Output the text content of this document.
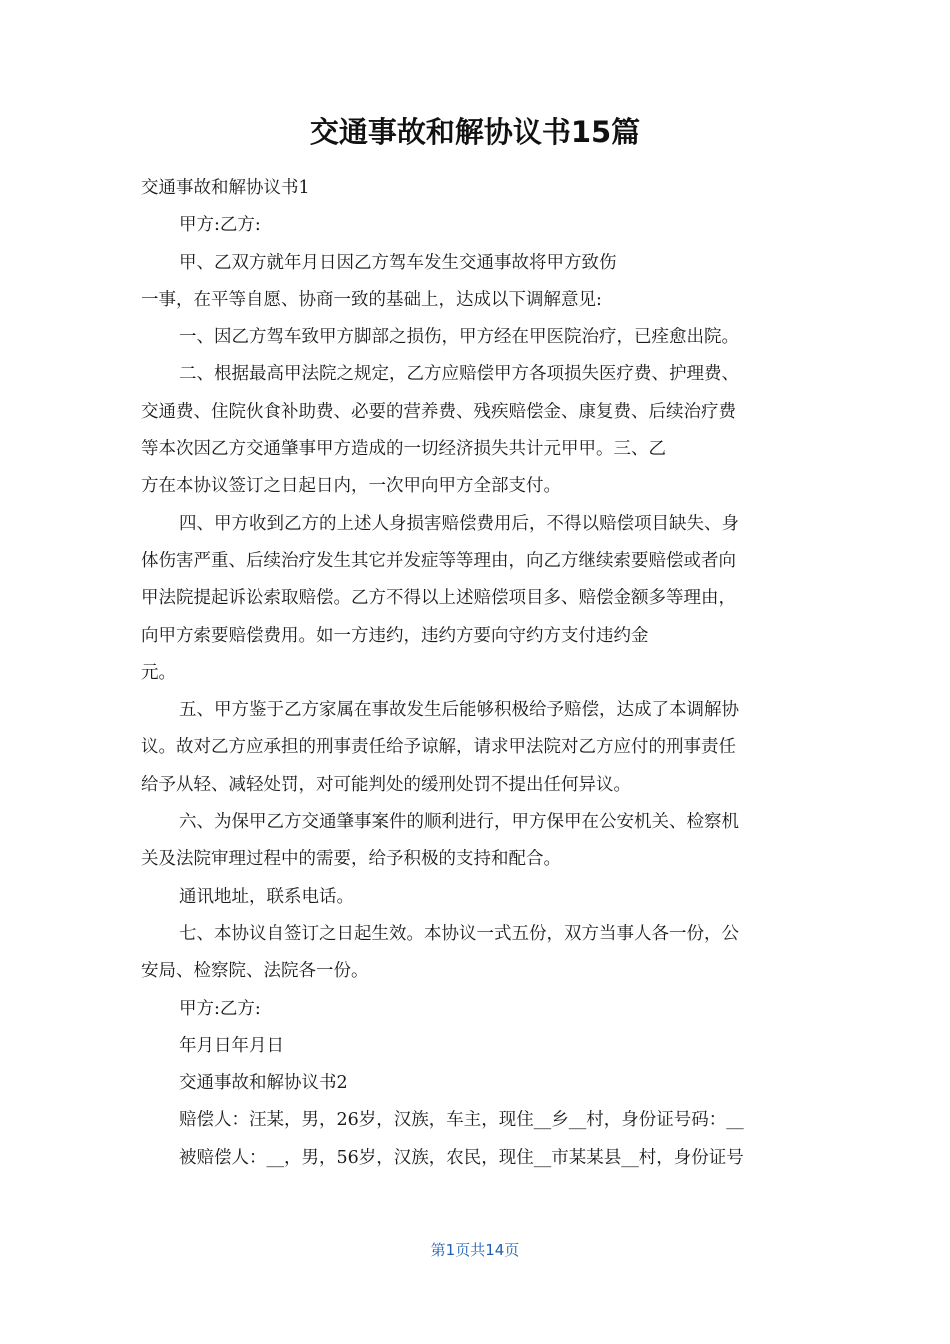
交通事故和解协议书15篇
交通事故和解协议书1
甲方:乙方:
甲、乙双方就年月日因乙方驾车发生交通事故将甲方致伤
一事，在平等自愿、协商一致的基础上，达成以下调解意见:
一、因乙方驾车致甲方脚部之损伤，甲方经在甲医院治疗，已痊愈出院。
二、根据最高甲法院之规定，乙方应赔偿甲方各项损失医疗费、护理费、
交通费、住院伙食补助费、必要的营养费、残疾赔偿金、康复费、后续治疗费
等本次因乙方交通肇事甲方造成的一切经济损失共计元甲甲。三、乙
方在本协议签订之日起日内，一次甲向甲方全部支付。
四、甲方收到乙方的上述人身损害赔偿费用后，不得以赔偿项目缺失、身
体伤害严重、后续治疗发生其它并发症等等理由，向乙方继续索要赔偿或者向
甲法院提起诉讼索取赔偿。乙方不得以上述赔偿项目多、赔偿金额多等理由，
向甲方索要赔偿费用。如一方违约，违约方要向守约方支付违约金
元。
五、甲方鉴于乙方家属在事故发生后能够积极给予赔偿，达成了本调解协
议。故对乙方应承担的刑事责任给予谅解，请求甲法院对乙方应付的刑事责任
给予从轻、减轻处罚，对可能判处的缓刑处罚不提出任何异议。
六、为保甲乙方交通肇事案件的顺利进行，甲方保甲在公安机关、检察机
关及法院审理过程中的需要，给予积极的支持和配合。
通讯地址，联系电话。
七、本协议自签订之日起生效。本协议一式五份，双方当事人各一份，公
安局、检察院、法院各一份。
甲方:乙方:
年月日年月日
交通事故和解协议书2
赔偿人：汪某，男，26岁，汉族，车主，现住__乡__村，身份证号码：__
被赔偿人：__，男，56岁，汉族，农民，现住__市某某县__村，身份证号
第1页共14页
